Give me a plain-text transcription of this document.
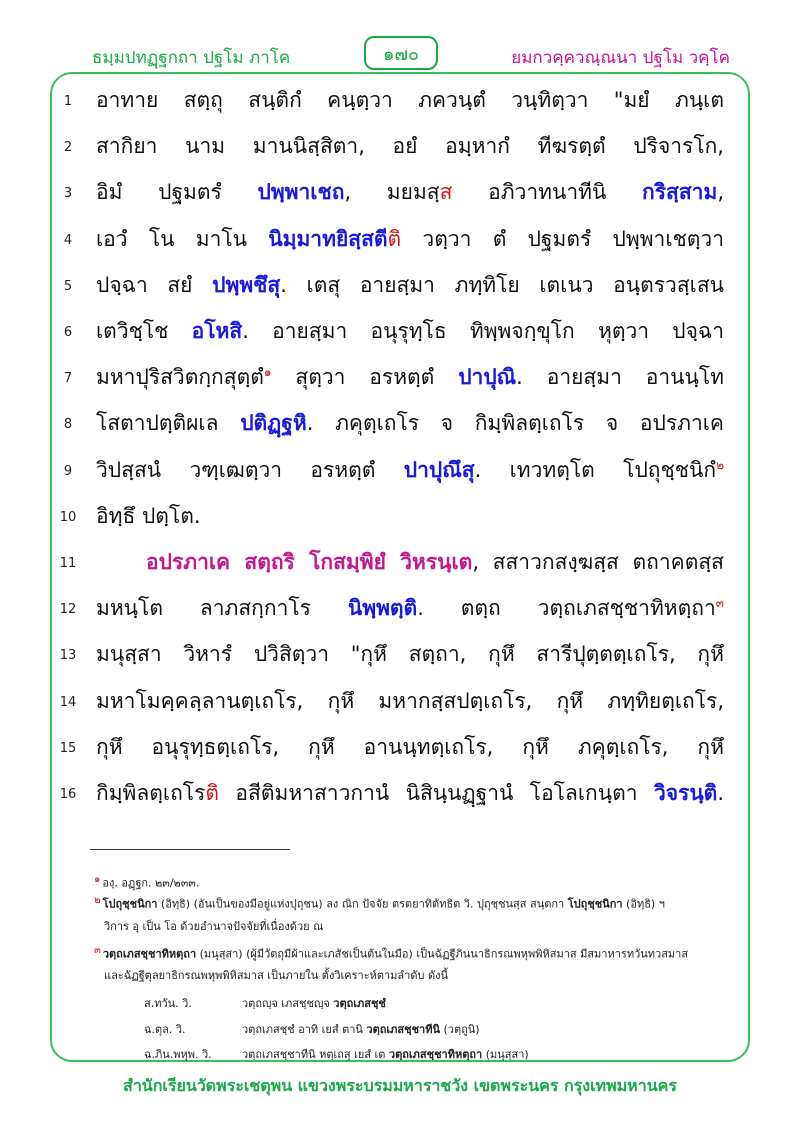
ธมฺมปทฏฺฐกถา ปฐโม ภาโค	๑๗๐	ยมกวคฺควณฺณนา ปฐโม วคฺโค
1	อาทาย สตฺถุ สนฺติกํ คนฺตฺวา ภควนฺตํ วนฺทิตฺวา "มยํ ภนฺเต
2	สากิยา นาม มานนิสฺสิตา, อยํ อมฺหากํ ทีฆรตฺตํ ปริจารโก,
3	อิมํ ปฐมตรํ ปพฺพาเชถ, มยมสฺส อภิวาทนาทีนิ กริสฺสาม,
4	เอวํ โน มาโน นิมฺมาทยิสฺสตีติ วตฺวา ตํ ปฐมตรํ ปพฺพาเชตฺวา
5	ปจฺฉา สยํ ปพฺพชึสุ. เตสุ อายสฺมา ภทฺทิโย เตเนว อนฺตรวสฺเสน
6	เตวิชฺโช อโหสิ. อายสฺมา อนุรุทฺโธ ทิพฺพจกฺขุโก หุตฺวา ปจฺฉา
7	มหาปุริสวิตกฺกสุตฺตํ$^๑$ สุตฺวา อรหตฺตํ ปาปุณิ. อายสฺมา อานนฺโท
8	โสตาปตฺติผเล ปติฏฺฐหิ. ภคุตฺเถโร จ กิมฺพิลตฺเถโร จ อปรภาเค
9	วิปสฺสนํ วฑฺเฒตฺวา อรหตฺตํ ปาปุณึสุ. เทวทตฺโต โปถุชฺชนิกํ$^๒$
10 อิทฺธึ ปตฺโต.
11	อปรภาเค สตฺถริ โกสมฺพิยํ วิหรนฺเต, สสาวกสงฺฆสฺส ตถาคตสฺส
12 มหนฺโต ลาภสกฺกาโร นิพฺพตฺติ. ตตฺถ วตฺถเภสชฺชาทิหตฺถา$^๓$
13 มนุสฺสา วิหารํ ปวิสิตฺวา "กุหึ สตฺถา, กุหึ สารีปุตฺตตฺเถโร, กุหึ
14 มหาโมคฺคลฺลานตฺเถโร, กุหึ มหากสฺสปตฺเถโร, กุหึ ภทฺทิยตฺเถโร,
15 กุหึ อนุรุทฺธตฺเถโร, กุหึ อานนฺทตฺเถโร, กุหึ ภคุตฺเถโร, กุหึ
16 กิมฺพิลตฺเถโรติ อสีติมหาสาวกานํ นิสินฺนฏฺฐานํ โอโลเกนฺตา วิจรนฺติ.
๑ องฺ. อฏฺฐก. ๒๓/๒๓๓.
๒ โปถุชฺชนิกา (อิทฺธิ) (อันเป็นของมีอยู่แห่งปุถุชน) ลง ณิก ปัจจัย ตรตยาทิตัทธิต วิ. ปุถุชฺชนสฺส สนฺตกา โปถุชฺชนิกา (อิทฺธิ) ฯ
วิการ อุ เป็น โอ ด้วยอำนาจปัจจัยที่เนื่องด้วย ณ
๓ วตฺถเภสชฺชาทิหตฺถา (มนุสฺสา) (ผู้มีวัตถุมีผ้าและเภสัชเป็นต้นในมือ) เป็นฉัฏฐีภินนาธิกรณพหุพพิหิสมาส มีสมาหารทวันทวสมาส
และฉัฏฐีตุลยาธิกรณพหุพพิหิสมาส เป็นภายใน ตั้งวิเคราะห์ตามลำดับ ดังนี้
ส.ทวัน. วิ.	วตฺถญฺจ เภสชฺชญฺจ วตฺถเภสชฺชํ
ฉ.ตุล. วิ.	วตฺถเภสชฺชํ อาทิ เยสํ ตานิ วตฺถเภสชฺชาทีนิ (วตฺถูนิ)
ฉ.ภิน.พหุพ. วิ.	วตฺถเภสชฺชาทีนิ หตฺเถสุ เยสํ เต วตฺถเภสชฺชาทิหตฺถา (มนุสฺสา)
สำนักเรียนวัดพระเชตุพน แขวงพระบรมมหาราชวัง เขตพระนคร กรุงเทพมหานคร
